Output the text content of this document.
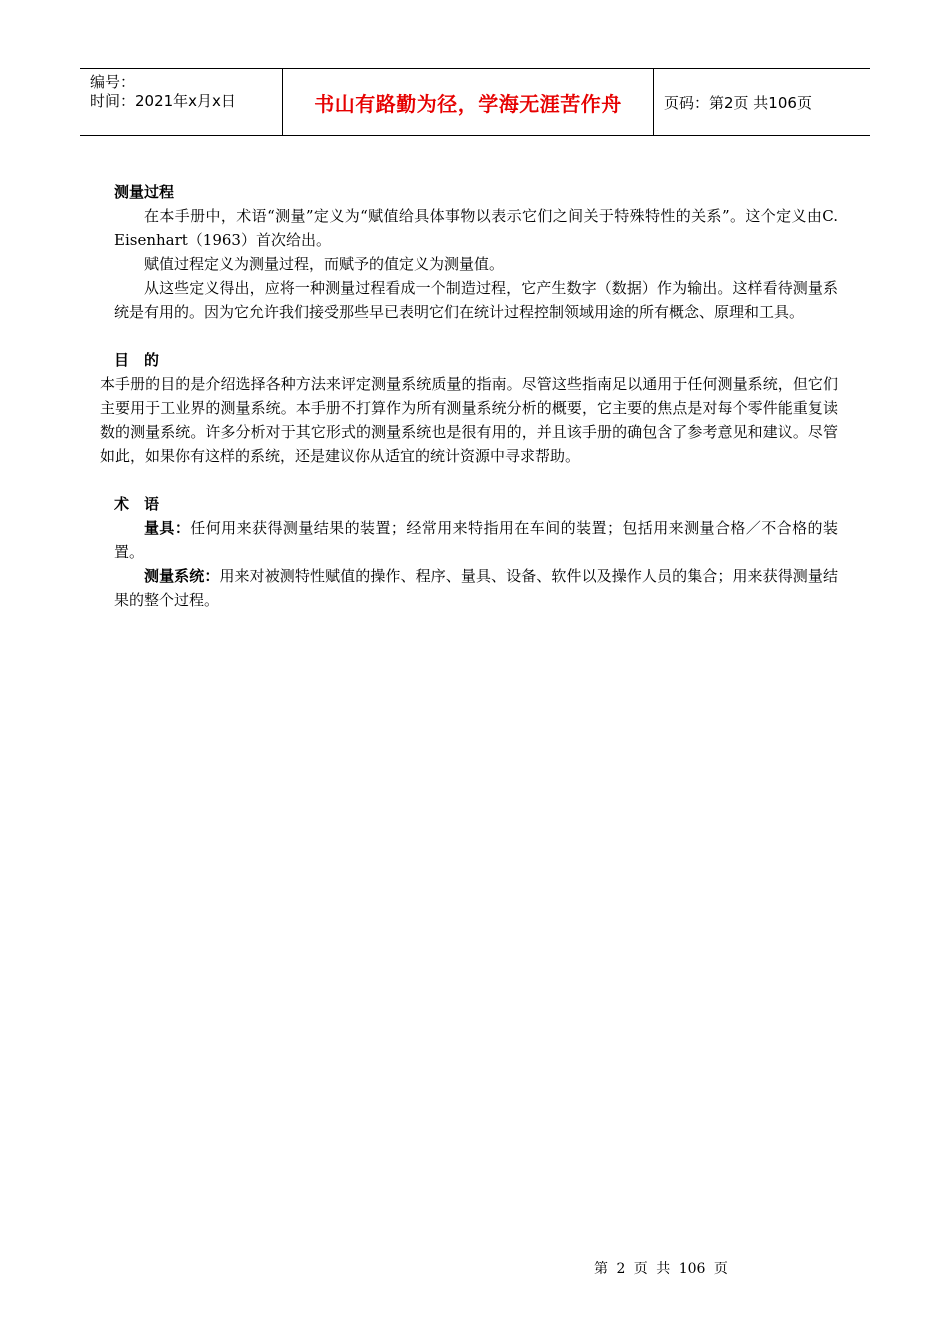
编号：
时间：2021年x月x日	书山有路勤为径，学海无涯苦作舟	页码：第2页 共106页

测量过程

在本手册中，术语“测量”定义为“赋值给具体事物以表示它们之间关于特殊特性的关系”。这个定义由C. Eisenhart（1963）首次给出。

赋值过程定义为测量过程，而赋予的值定义为测量值。

从这些定义得出，应将一种测量过程看成一个制造过程，它产生数字（数据）作为输出。这样看待测量系统是有用的。因为它允许我们接受那些早已表明它们在统计过程控制领域用途的所有概念、原理和工具。

目　的

本手册的目的是介绍选择各种方法来评定测量系统质量的指南。尽管这些指南足以通用于任何测量系统，但它们主要用于工业界的测量系统。本手册不打算作为所有测量系统分析的概要，它主要的焦点是对每个零件能重复读数的测量系统。许多分析对于其它形式的测量系统也是很有用的，并且该手册的确包含了参考意见和建议。尽管如此，如果你有这样的系统，还是建议你从适宜的统计资源中寻求帮助。

术　语

量具：任何用来获得测量结果的装置；经常用来特指用在车间的装置；包括用来测量合格／不合格的装置。

测量系统：用来对被测特性赋值的操作、程序、量具、设备、软件以及操作人员的集合；用来获得测量结果的整个过程。

第 2 页 共 106 页
